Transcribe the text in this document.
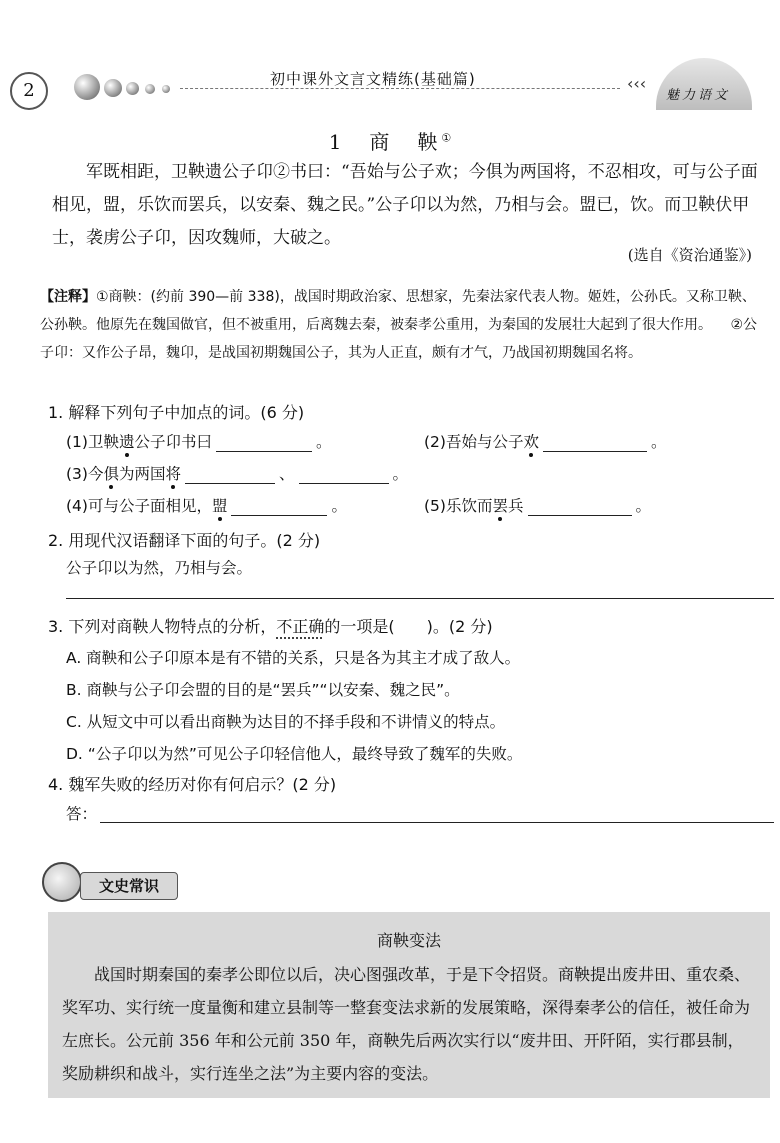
2
初中课外文言文精练(基础篇)	‹‹‹
魅力语文
1　商　鞅①
军既相距，卫鞅遗公子卬②书曰：“吾始与公子欢；今俱为两国将，不忍相攻，可与公子面相见，盟，乐饮而罢兵，以安秦、魏之民。”公子卬以为然，乃相与会。盟已，饮。而卫鞅伏甲士，袭虏公子卬，因攻魏师，大破之。
(选自《资治通鉴》)
【注释】①商鞅：(约前 390—前 338)，战国时期政治家、思想家，先秦法家代表人物。姬姓，公孙氏。又称卫鞅、公孙鞅。他原先在魏国做官，但不被重用，后离魏去秦，被秦孝公重用，为秦国的发展壮大起到了很大作用。 ②公子卬：又作公子昂，魏卬，是战国初期魏国公子，其为人正直，颇有才气，乃战国初期魏国名将。
1. 解释下列句子中加点的词。(6 分)
(1)卫鞅遗公子卬书曰	。	(2)吾始与公子欢	。
(3)今俱为两国将	、	。
(4)可与公子面相见，盟	。	(5)乐饮而罢兵	。
2. 用现代汉语翻译下面的句子。(2 分)
公子卬以为然，乃相与会。
3. 下列对商鞅人物特点的分析，不正确的一项是(　　)。(2 分)
A. 商鞅和公子卬原本是有不错的关系，只是各为其主才成了敌人。
B. 商鞅与公子卬会盟的目的是“罢兵”“以安秦、魏之民”。
C. 从短文中可以看出商鞅为达目的不择手段和不讲情义的特点。
D. “公子卬以为然”可见公子卬轻信他人，最终导致了魏军的失败。
4. 魏军失败的经历对你有何启示？(2 分)
答：
文史常识
商鞅变法
战国时期秦国的秦孝公即位以后，决心图强改革，于是下令招贤。商鞅提出废井田、重农桑、奖军功、实行统一度量衡和建立县制等一整套变法求新的发展策略，深得秦孝公的信任，被任命为左庶长。公元前 356 年和公元前 350 年，商鞅先后两次实行以“废井田、开阡陌，实行郡县制，奖励耕织和战斗，实行连坐之法”为主要内容的变法。
